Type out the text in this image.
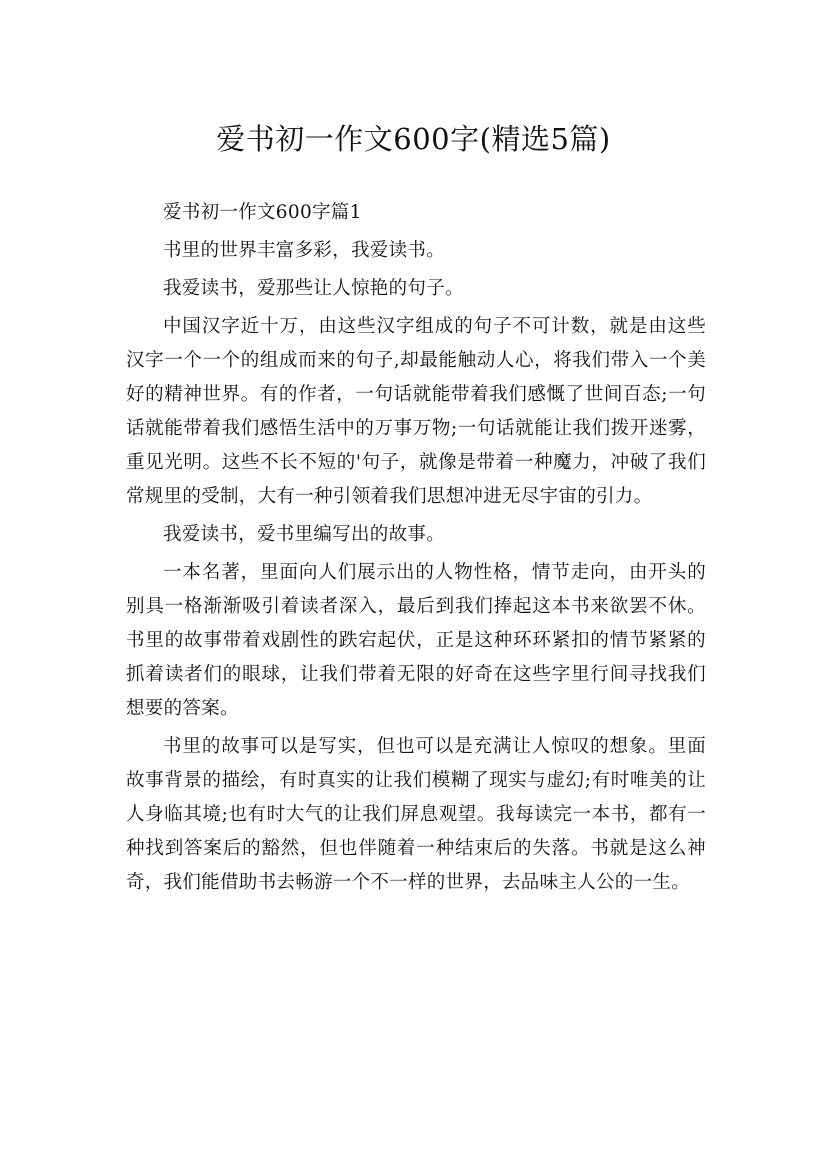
爱书初一作文600字(精选5篇)

爱书初一作文600字篇1

书里的世界丰富多彩，我爱读书。

我爱读书，爱那些让人惊艳的句子。

中国汉字近十万，由这些汉字组成的句子不可计数，就是由这些汉字一个一个的组成而来的句子,却最能触动人心，将我们带入一个美好的精神世界。有的作者，一句话就能带着我们感慨了世间百态;一句话就能带着我们感悟生活中的万事万物;一句话就能让我们拨开迷雾，重见光明。这些不长不短的'句子，就像是带着一种魔力，冲破了我们常规里的受制，大有一种引领着我们思想冲进无尽宇宙的引力。

我爱读书，爱书里编写出的故事。

一本名著，里面向人们展示出的人物性格，情节走向，由开头的别具一格渐渐吸引着读者深入，最后到我们捧起这本书来欲罢不休。书里的故事带着戏剧性的跌宕起伏，正是这种环环紧扣的情节紧紧的抓着读者们的眼球，让我们带着无限的好奇在这些字里行间寻找我们想要的答案。

书里的故事可以是写实，但也可以是充满让人惊叹的想象。里面故事背景的描绘，有时真实的让我们模糊了现实与虚幻;有时唯美的让人身临其境;也有时大气的让我们屏息观望。我每读完一本书，都有一种找到答案后的豁然，但也伴随着一种结束后的失落。书就是这么神奇，我们能借助书去畅游一个不一样的世界，去品味主人公的一生。
